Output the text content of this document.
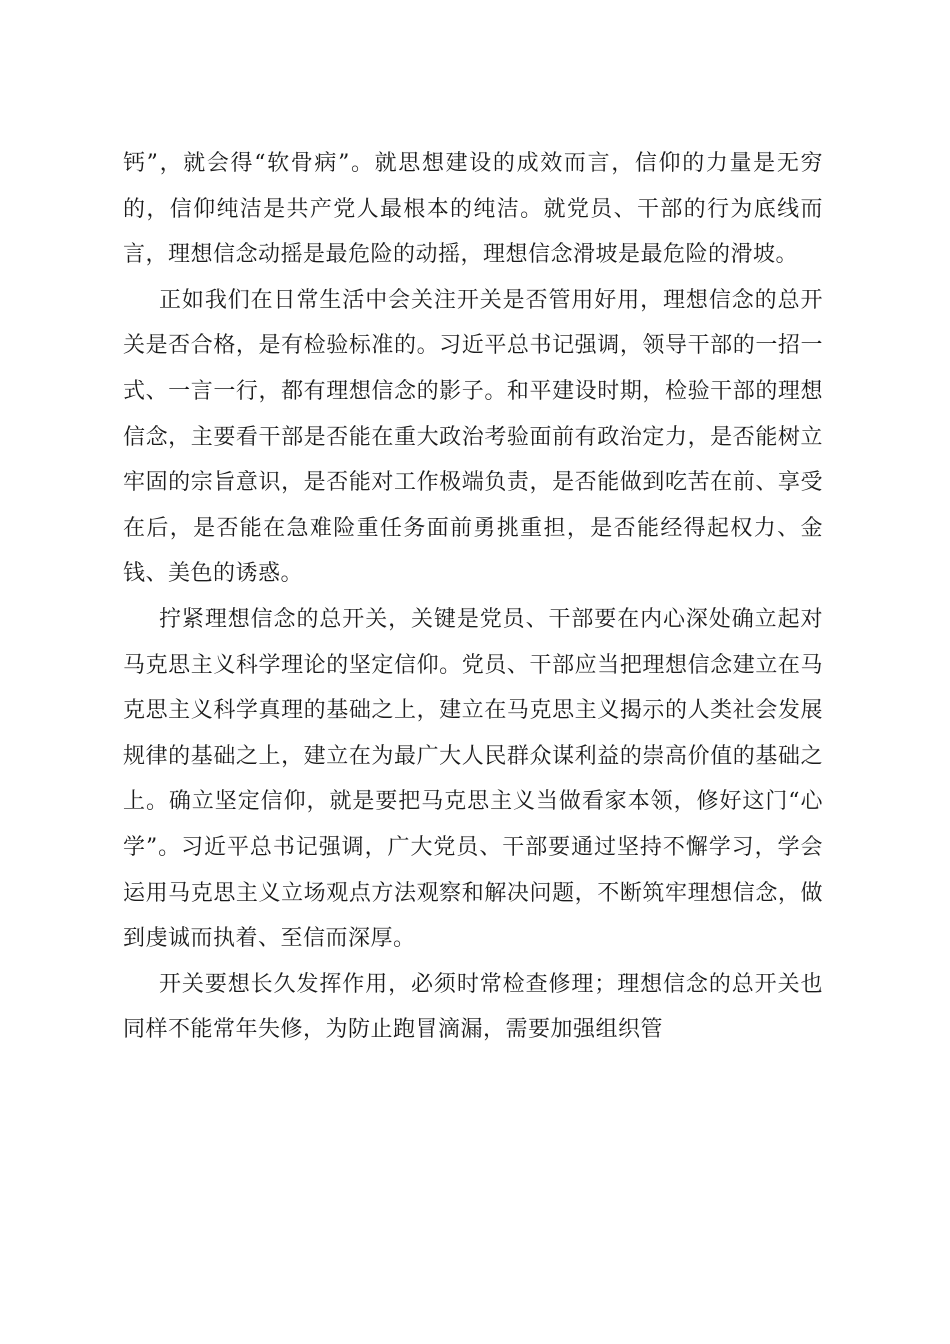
钙”，就会得“软骨病”。就思想建设的成效而言，信仰的力量是无穷的，信仰纯洁是共产党人最根本的纯洁。就党员、干部的行为底线而言，理想信念动摇是最危险的动摇，理想信念滑坡是最危险的滑坡。

正如我们在日常生活中会关注开关是否管用好用，理想信念的总开关是否合格，是有检验标准的。习近平总书记强调，领导干部的一招一式、一言一行，都有理想信念的影子。和平建设时期，检验干部的理想信念，主要看干部是否能在重大政治考验面前有政治定力，是否能树立牢固的宗旨意识，是否能对工作极端负责，是否能做到吃苦在前、享受在后，是否能在急难险重任务面前勇挑重担，是否能经得起权力、金钱、美色的诱惑。

拧紧理想信念的总开关，关键是党员、干部要在内心深处确立起对马克思主义科学理论的坚定信仰。党员、干部应当把理想信念建立在马克思主义科学真理的基础之上，建立在马克思主义揭示的人类社会发展规律的基础之上，建立在为最广大人民群众谋利益的崇高价值的基础之上。确立坚定信仰，就是要把马克思主义当做看家本领，修好这门“心学”。习近平总书记强调，广大党员、干部要通过坚持不懈学习，学会运用马克思主义立场观点方法观察和解决问题，不断筑牢理想信念，做到虔诚而执着、至信而深厚。

开关要想长久发挥作用，必须时常检查修理；理想信念的总开关也同样不能常年失修，为防止跑冒滴漏，需要加强组织管
